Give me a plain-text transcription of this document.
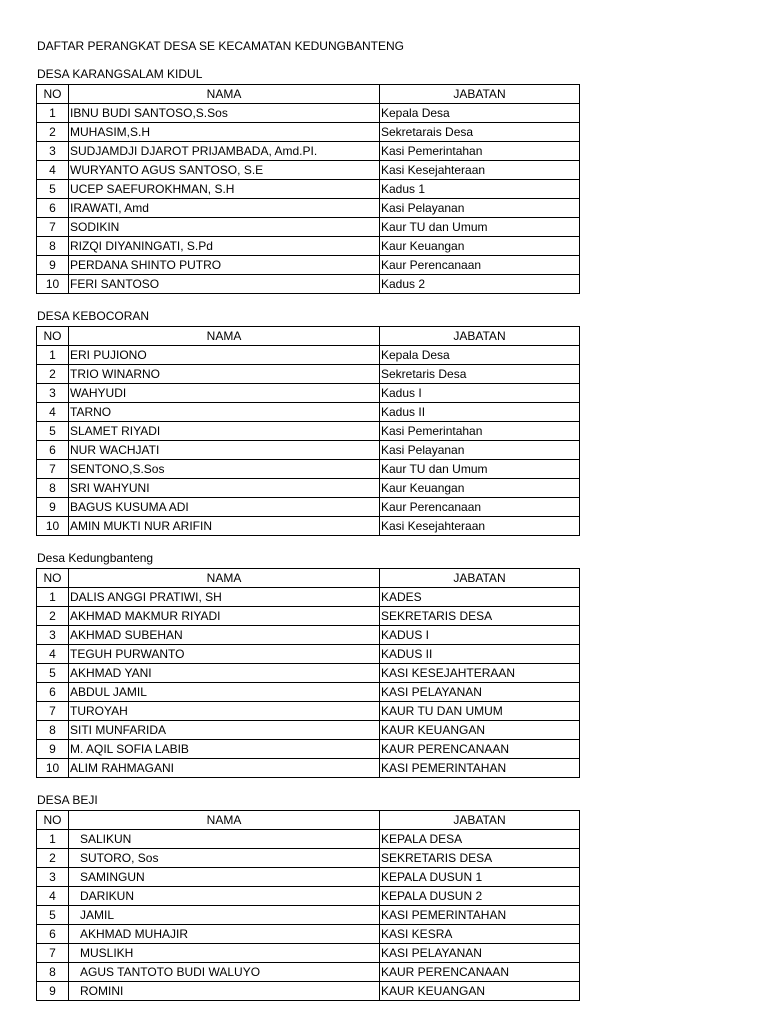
DAFTAR PERANGKAT DESA SE KECAMATAN KEDUNGBANTENG
DESA KARANGSALAM KIDUL
NO	NAMA	JABATAN
1	IBNU BUDI SANTOSO,S.Sos	Kepala Desa
2	MUHASIM,S.H	Sekretarais Desa
3	SUDJAMDJI DJAROT PRIJAMBADA, Amd.PI.	Kasi Pemerintahan
4	WURYANTO AGUS SANTOSO, S.E	Kasi Kesejahteraan
5	UCEP SAEFUROKHMAN, S.H	Kadus 1
6	IRAWATI, Amd	Kasi Pelayanan
7	SODIKIN	Kaur TU dan Umum
8	RIZQI DIYANINGATI, S.Pd	Kaur Keuangan
9	PERDANA SHINTO PUTRO	Kaur Perencanaan
10	FERI SANTOSO	Kadus 2
DESA KEBOCORAN
NO	NAMA	JABATAN
1	ERI PUJIONO	Kepala Desa
2	TRIO WINARNO	Sekretaris Desa
3	WAHYUDI	Kadus I
4	TARNO	Kadus II
5	SLAMET RIYADI	Kasi Pemerintahan
6	NUR WACHJATI	Kasi Pelayanan
7	SENTONO,S.Sos	Kaur TU dan Umum
8	SRI WAHYUNI	Kaur Keuangan
9	BAGUS KUSUMA ADI	Kaur Perencanaan
10	AMIN MUKTI NUR ARIFIN	Kasi Kesejahteraan
Desa Kedungbanteng
NO	NAMA	JABATAN
1	DALIS ANGGI PRATIWI, SH	KADES
2	AKHMAD MAKMUR RIYADI	SEKRETARIS DESA
3	AKHMAD SUBEHAN	KADUS I
4	TEGUH PURWANTO	KADUS II
5	AKHMAD YANI	KASI KESEJAHTERAAN
6	ABDUL JAMIL	KASI PELAYANAN
7	TUROYAH	KAUR TU DAN UMUM
8	SITI MUNFARIDA	KAUR KEUANGAN
9	M. AQIL SOFIA LABIB	KAUR PERENCANAAN
10	ALIM RAHMAGANI	KASI PEMERINTAHAN
DESA BEJI
NO	NAMA	JABATAN
1	SALIKUN	KEPALA DESA
2	SUTORO, Sos	SEKRETARIS DESA
3	SAMINGUN	KEPALA DUSUN 1
4	DARIKUN	KEPALA DUSUN 2
5	JAMIL	KASI PEMERINTAHAN
6	AKHMAD MUHAJIR	KASI KESRA
7	MUSLIKH	KASI PELAYANAN
8	AGUS TANTOTO BUDI WALUYO	KAUR PERENCANAAN
9	ROMINI	KAUR KEUANGAN
